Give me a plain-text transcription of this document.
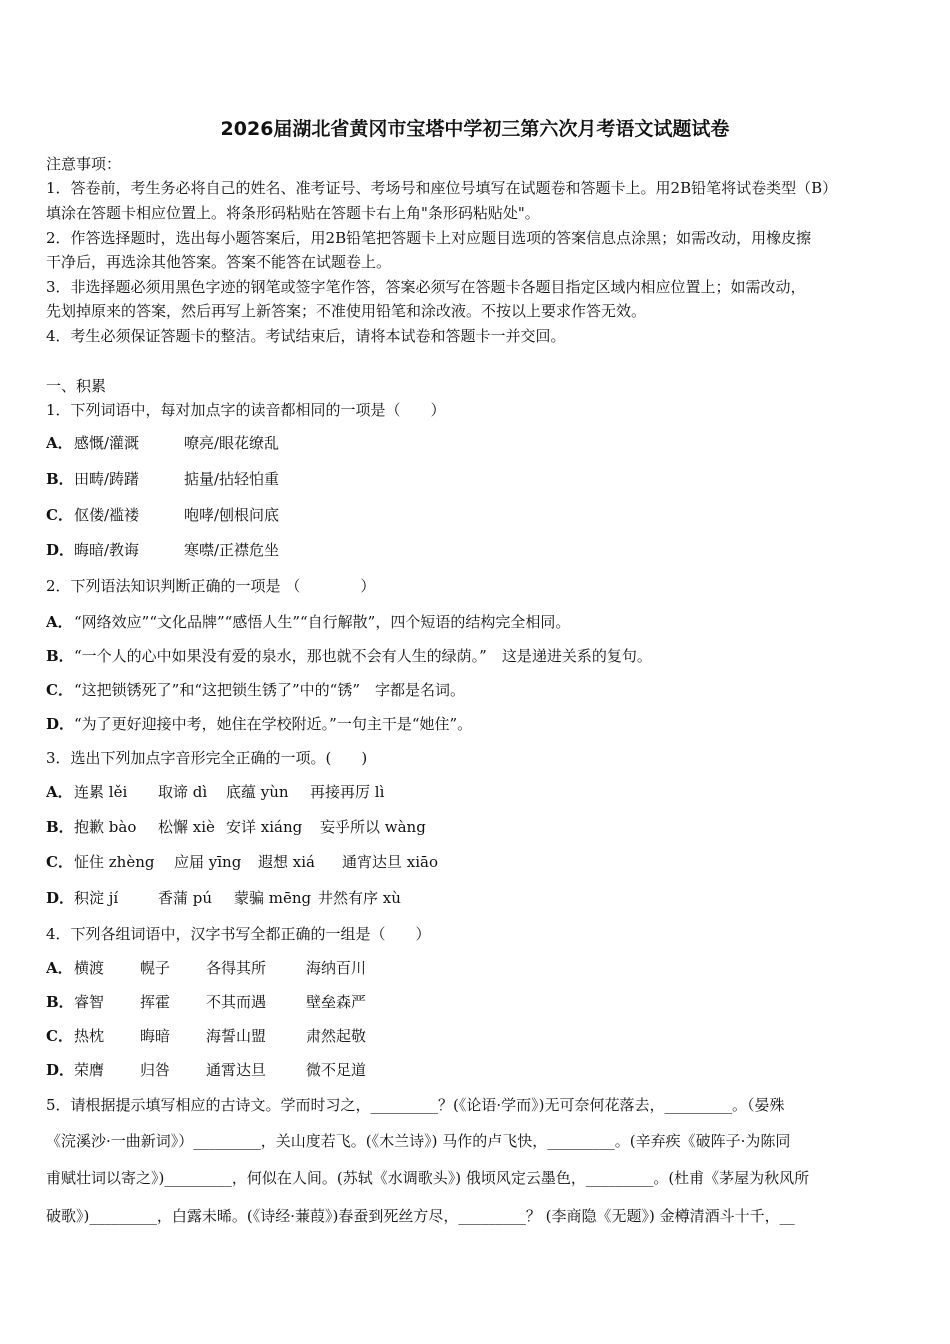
2026届湖北省黄冈市宝塔中学初三第六次月考语文试题试卷
注意事项：
1．答卷前，考生务必将自己的姓名、准考证号、考场号和座位号填写在试题卷和答题卡上。用2B铅笔将试卷类型（B）
填涂在答题卡相应位置上。将条形码粘贴在答题卡右上角"条形码粘贴处"。
2．作答选择题时，选出每小题答案后，用2B铅笔把答题卡上对应题目选项的答案信息点涂黑；如需改动，用橡皮擦
干净后，再选涂其他答案。答案不能答在试题卷上。
3．非选择题必须用黑色字迹的钢笔或签字笔作答，答案必须写在答题卡各题目指定区域内相应位置上；如需改动，
先划掉原来的答案，然后再写上新答案；不准使用铅笔和涂改液。不按以上要求作答无效。
4．考生必须保证答题卡的整洁。考试结束后，请将本试卷和答题卡一并交回。
一、积累
1．下列词语中，每对加点字的读音都相同的一项是（　　）
A．感慨/灌溉	嘹亮/眼花缭乱
B．田畴/踌躇	掂量/拈轻怕重
C．伛偻/褴褛	咆哮/刨根问底
D．晦暗/教诲	寒噤/正襟危坐
2．下列语法知识判断正确的一项是 （　　　　）
A．“网络效应”“文化品牌”“感悟人生”“自行解散”，四个短语的结构完全相同。
B．“一个人的心中如果没有爱的泉水，那也就不会有人生的绿荫。”　这是递进关系的复句。
C．“这把锁锈死了”和“这把锁生锈了”中的“锈”　字都是名词。
D．“为了更好迎接中考，她住在学校附近。”一句主干是“她住”。
3．选出下列加点字音形完全正确的一项。(　　)
A．连累 lěi 取谛 dì 底蕴 yùn 再接再厉 lì
B．抱歉 bào 松懈 xiè 安详 xiáng 妄乎所以 wàng
C．怔住 zhèng 应届 yīng 遐想 xiá 通宵达旦 xiāo
D．积淀 jí	香蒲 pú 蒙骗 mēng 井然有序 xù
4．下列各组词语中，汉字书写全都正确的一组是（　　）
A．横渡 幌子 各得其所	海纳百川
B．睿智 挥霍 不其而遇	壁垒森严
C．热枕 晦暗 海誓山盟	肃然起敬
D．荣膺 归咎 通霄达旦	微不足道
5．请根据提示填写相应的古诗文。学而时习之，_________？(《论语·学而》)无可奈何花落去，_________。（晏殊
《浣溪沙·一曲新词》）_________，关山度若飞。(《木兰诗》) 马作的卢飞快，_________。(辛弃疾《破阵子·为陈同
甫赋壮词以寄之》)_________，何似在人间。(苏轼《水调歌头》) 俄顷风定云墨色，_________。(杜甫《茅屋为秋风所
破歌》)_________，白露未晞。(《诗经·蒹葭》)春蚕到死丝方尽，_________？ (李商隐《无题》) 金樽清酒斗十千，__
